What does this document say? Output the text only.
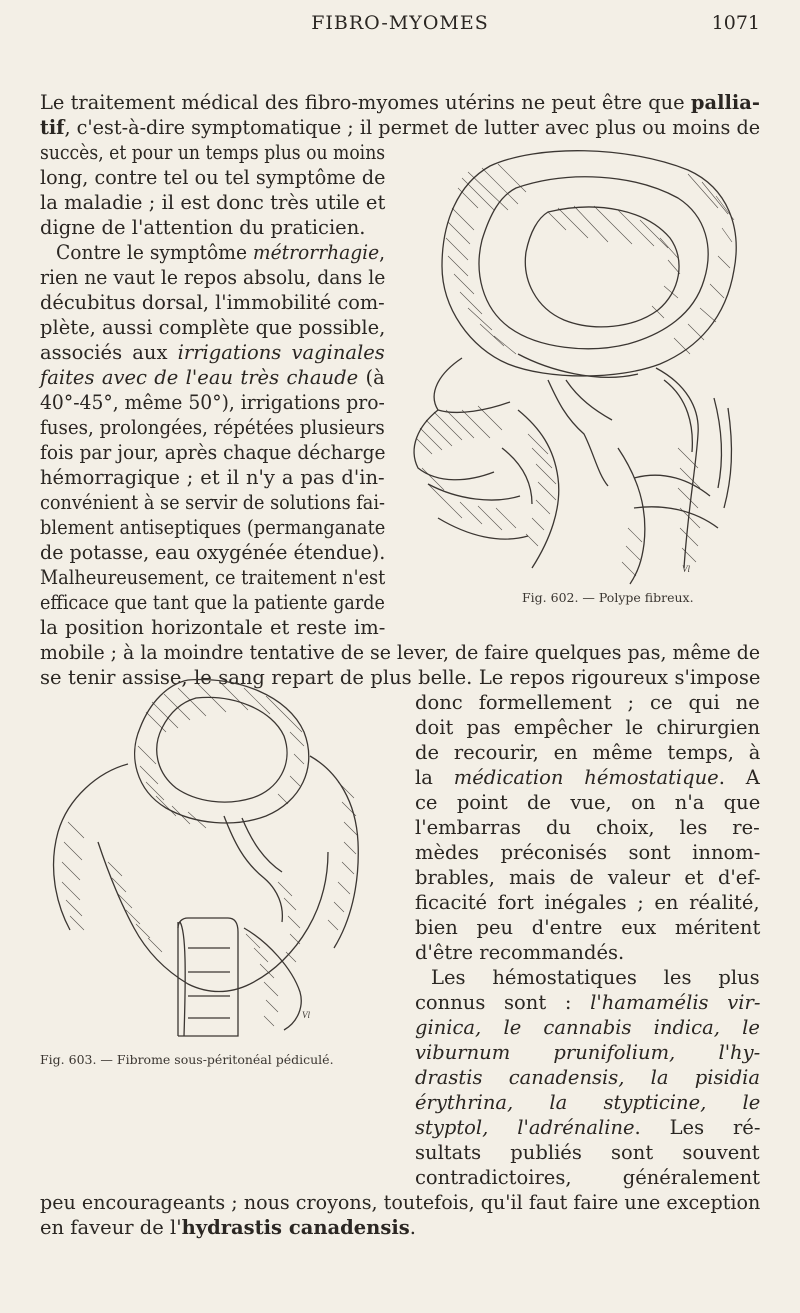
FIBRO-MYOMES	1071
Le traitement médical des fibro-myomes utérins ne peut être que pallia-
tif, c'est-à-dire symptomatique ; il permet de lutter avec plus ou moins de
succès, et pour un temps plus ou moins
long, contre tel ou tel symptôme de
la maladie ; il est donc très utile et
digne de l'attention du praticien.
Contre le symptôme métrorrhagie,
rien ne vaut le repos absolu, dans le
décubitus dorsal, l'immobilité com-
plète, aussi complète que possible,
associés aux irrigations vaginales
faites avec de l'eau très chaude (à
40°-45°, même 50°), irrigations pro-
fuses, prolongées, répétées plusieurs
fois par jour, après chaque décharge
hémorragique ; et il n'y a pas d'in-
convénient à se servir de solutions fai-
blement antiseptiques (permanganate
de potasse, eau oxygénée étendue).
Malheureusement, ce traitement n'est
efficace que tant que la patiente garde
la position horizontale et reste im-
mobile ; à la moindre tentative de se lever, de faire quelques pas, même de
se tenir assise, le sang repart de plus belle. Le repos rigoureux s'impose
donc formellement ; ce qui ne
doit pas empêcher le chirurgien
de recourir, en même temps, à
la médication hémostatique. A
ce point de vue, on n'a que
l'embarras du choix, les re-
mèdes préconisés sont innom-
brables, mais de valeur et d'ef-
ficacité fort inégales ; en réalité,
bien peu d'entre eux méritent
d'être recommandés.
Les hémostatiques les plus
connus sont : l'hamamélis vir-
ginica, le cannabis indica, le
viburnum prunifolium, l'hy-
drastis canadensis, la pisidia
érythrina, la stypticine, le
styptol, l'adrénaline. Les ré-
sultats publiés sont souvent
contradictoires, généralement
peu encourageants ; nous croyons, toutefois, qu'il faut faire une exception
en faveur de l'hydrastis canadensis.
Vl
Fig. 602. — Polype fibreux.
Vl
Fig. 603. — Fibrome sous-péritonéal pédiculé.
